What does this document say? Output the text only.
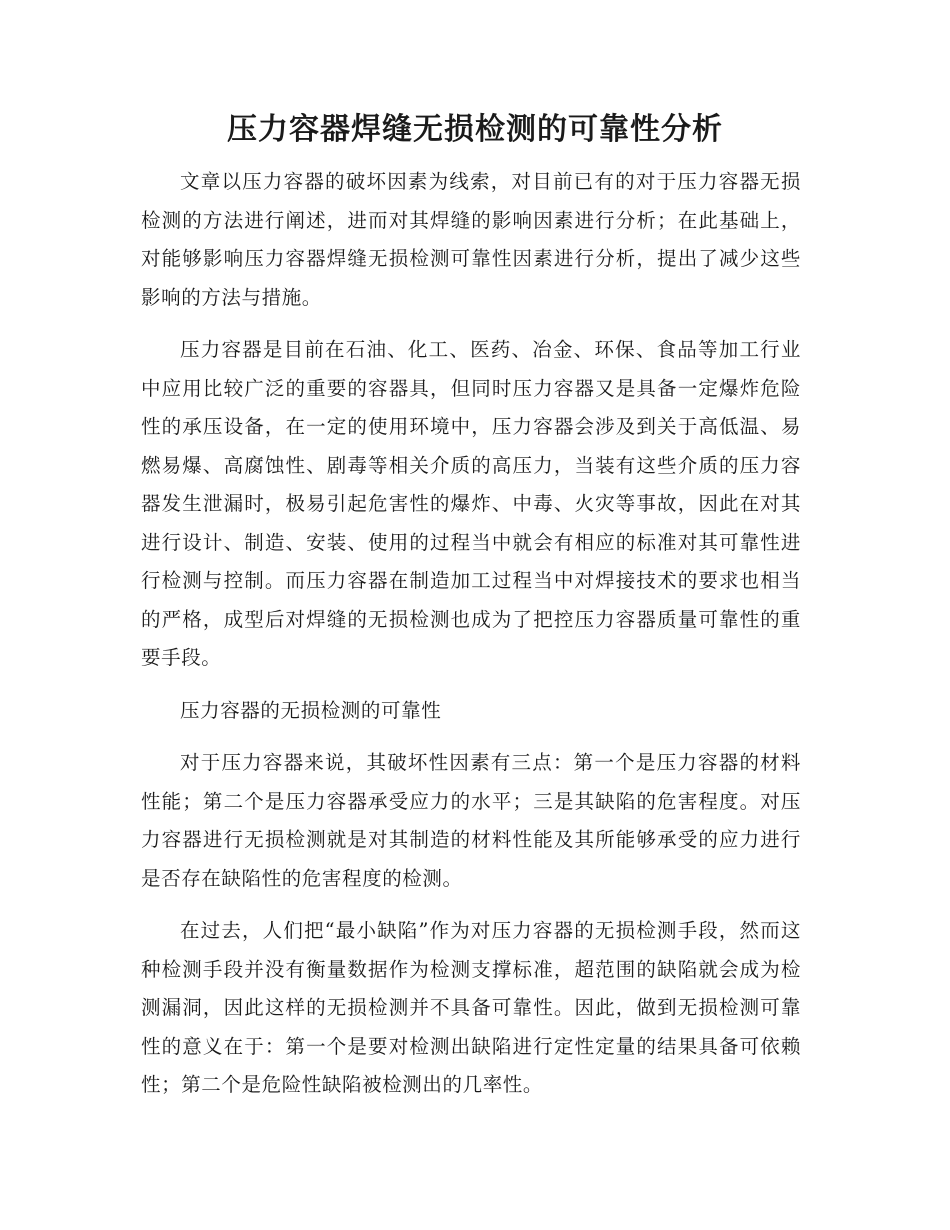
压力容器焊缝无损检测的可靠性分析

文章以压力容器的破坏因素为线索，对目前已有的对于压力容器无损检测的方法进行阐述，进而对其焊缝的影响因素进行分析；在此基础上，对能够影响压力容器焊缝无损检测可靠性因素进行分析，提出了减少这些影响的方法与措施。

压力容器是目前在石油、化工、医药、冶金、环保、食品等加工行业中应用比较广泛的重要的容器具，但同时压力容器又是具备一定爆炸危险性的承压设备，在一定的使用环境中，压力容器会涉及到关于高低温、易燃易爆、高腐蚀性、剧毒等相关介质的高压力，当装有这些介质的压力容器发生泄漏时，极易引起危害性的爆炸、中毒、火灾等事故，因此在对其进行设计、制造、安装、使用的过程当中就会有相应的标准对其可靠性进行检测与控制。而压力容器在制造加工过程当中对焊接技术的要求也相当的严格，成型后对焊缝的无损检测也成为了把控压力容器质量可靠性的重要手段。

压力容器的无损检测的可靠性

对于压力容器来说，其破坏性因素有三点：第一个是压力容器的材料性能；第二个是压力容器承受应力的水平；三是其缺陷的危害程度。对压力容器进行无损检测就是对其制造的材料性能及其所能够承受的应力进行是否存在缺陷性的危害程度的检测。

在过去，人们把“最小缺陷”作为对压力容器的无损检测手段，然而这种检测手段并没有衡量数据作为检测支撑标准，超范围的缺陷就会成为检测漏洞，因此这样的无损检测并不具备可靠性。因此，做到无损检测可靠性的意义在于：第一个是要对检测出缺陷进行定性定量的结果具备可依赖性；第二个是危险性缺陷被检测出的几率性。
